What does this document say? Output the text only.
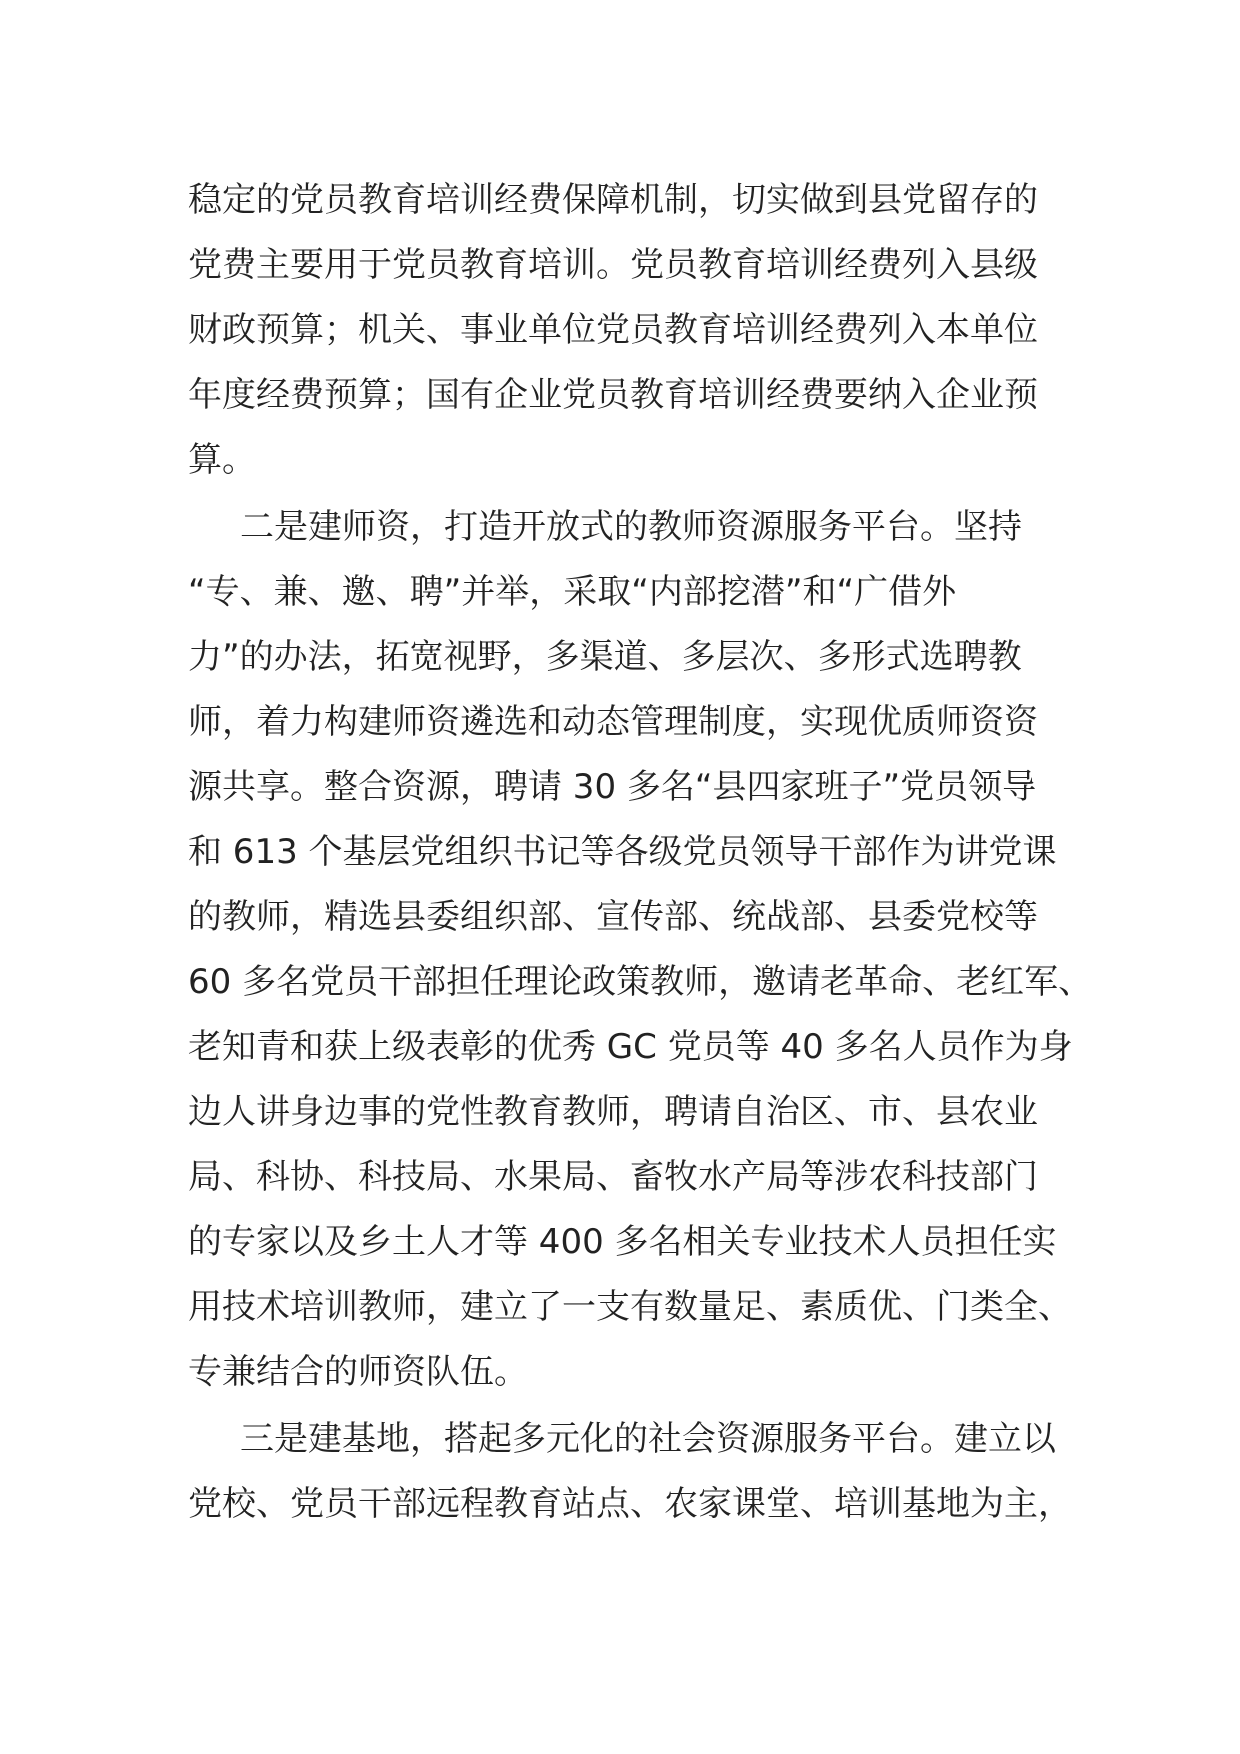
稳定的党员教育培训经费保障机制，切实做到县党留存的
党费主要用于党员教育培训。党员教育培训经费列入县级
财政预算；机关、事业单位党员教育培训经费列入本单位
年度经费预算；国有企业党员教育培训经费要纳入企业预
算。
二是建师资，打造开放式的教师资源服务平台。坚持
“专、兼、邀、聘”并举，采取“内部挖潜”和“广借外
力”的办法，拓宽视野，多渠道、多层次、多形式选聘教
师，着力构建师资遴选和动态管理制度，实现优质师资资
源共享。整合资源，聘请 30 多名“县四家班子”党员领导
和 613 个基层党组织书记等各级党员领导干部作为讲党课
的教师，精选县委组织部、宣传部、统战部、县委党校等
60 多名党员干部担任理论政策教师，邀请老革命、老红军、
老知青和获上级表彰的优秀 GC 党员等 40 多名人员作为身
边人讲身边事的党性教育教师，聘请自治区、市、县农业
局、科协、科技局、水果局、畜牧水产局等涉农科技部门
的专家以及乡土人才等 400 多名相关专业技术人员担任实
用技术培训教师，建立了一支有数量足、素质优、门类全、
专兼结合的师资队伍。
三是建基地，搭起多元化的社会资源服务平台。建立以
党校、党员干部远程教育站点、农家课堂、培训基地为主，
